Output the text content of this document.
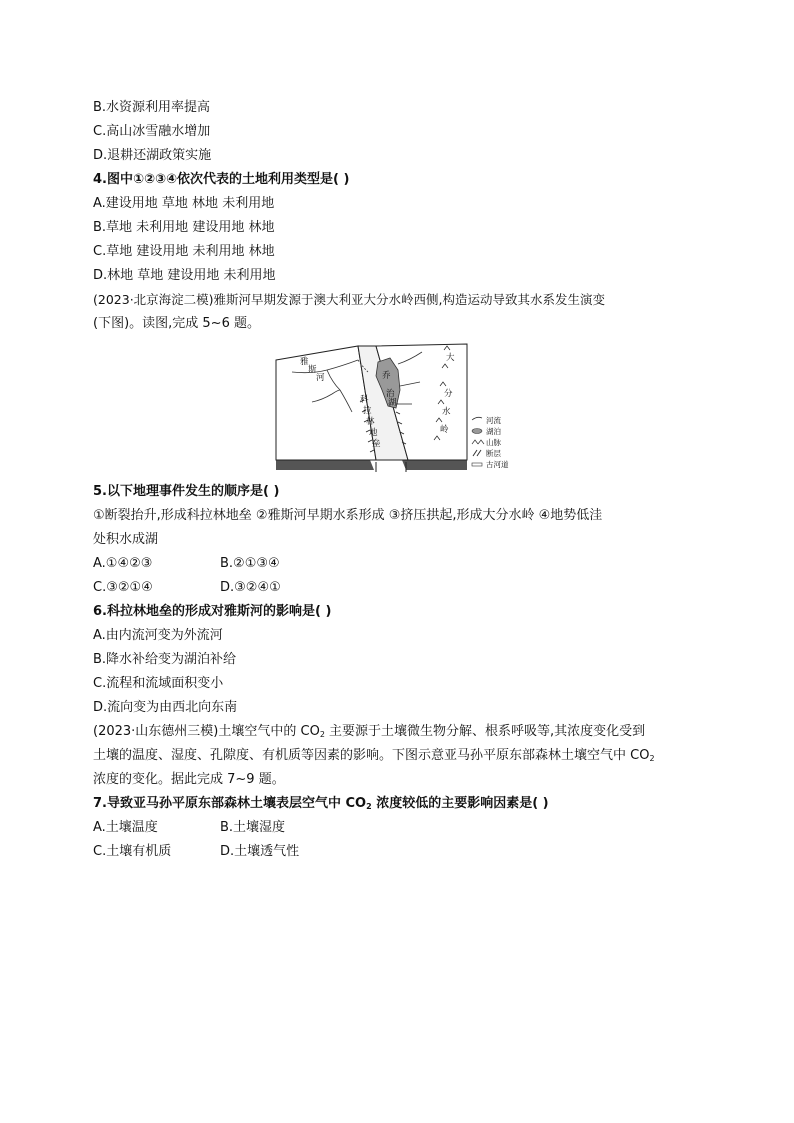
B.水资源利用率提高
C.高山冰雪融水增加
D.退耕还湖政策实施
4.图中①②③④依次代表的土地利用类型是( )
A.建设用地 草地 林地 未利用地
B.草地 未利用地 建设用地 林地
C.草地 建设用地 未利用地 林地
D.林地 草地 建设用地 未利用地
(2023·北京海淀二模)雅斯河早期发源于澳大利亚大分水岭西侧,构造运动导致其水系发生演变
(下图)。读图,完成 5~6 题。
雅
斯
河
科
拉
林
地
垒
乔
治
湖
大
分
水
岭
河流
湖泊
山脉
断层
古河道
5.以下地理事件发生的顺序是( )
①断裂抬升,形成科拉林地垒 ②雅斯河早期水系形成 ③挤压拱起,形成大分水岭 ④地势低洼
处积水成湖
A.①④②③	B.②①③④
C.③②①④	D.③②④①
6.科拉林地垒的形成对雅斯河的影响是( )
A.由内流河变为外流河
B.降水补给变为湖泊补给
C.流程和流域面积变小
D.流向变为由西北向东南
(2023·山东德州三模)土壤空气中的 $CO_2$ 主要源于土壤微生物分解、根系呼吸等,其浓度变化受到
土壤的温度、湿度、孔隙度、有机质等因素的影响。下图示意亚马孙平原东部森林土壤空气中 $CO_2$
浓度的变化。据此完成 7~9 题。
7.导致亚马孙平原东部森林土壤表层空气中 $CO_2$ 浓度较低的主要影响因素是( )
A.土壤温度	B.土壤湿度
C.土壤有机质	D.土壤透气性
